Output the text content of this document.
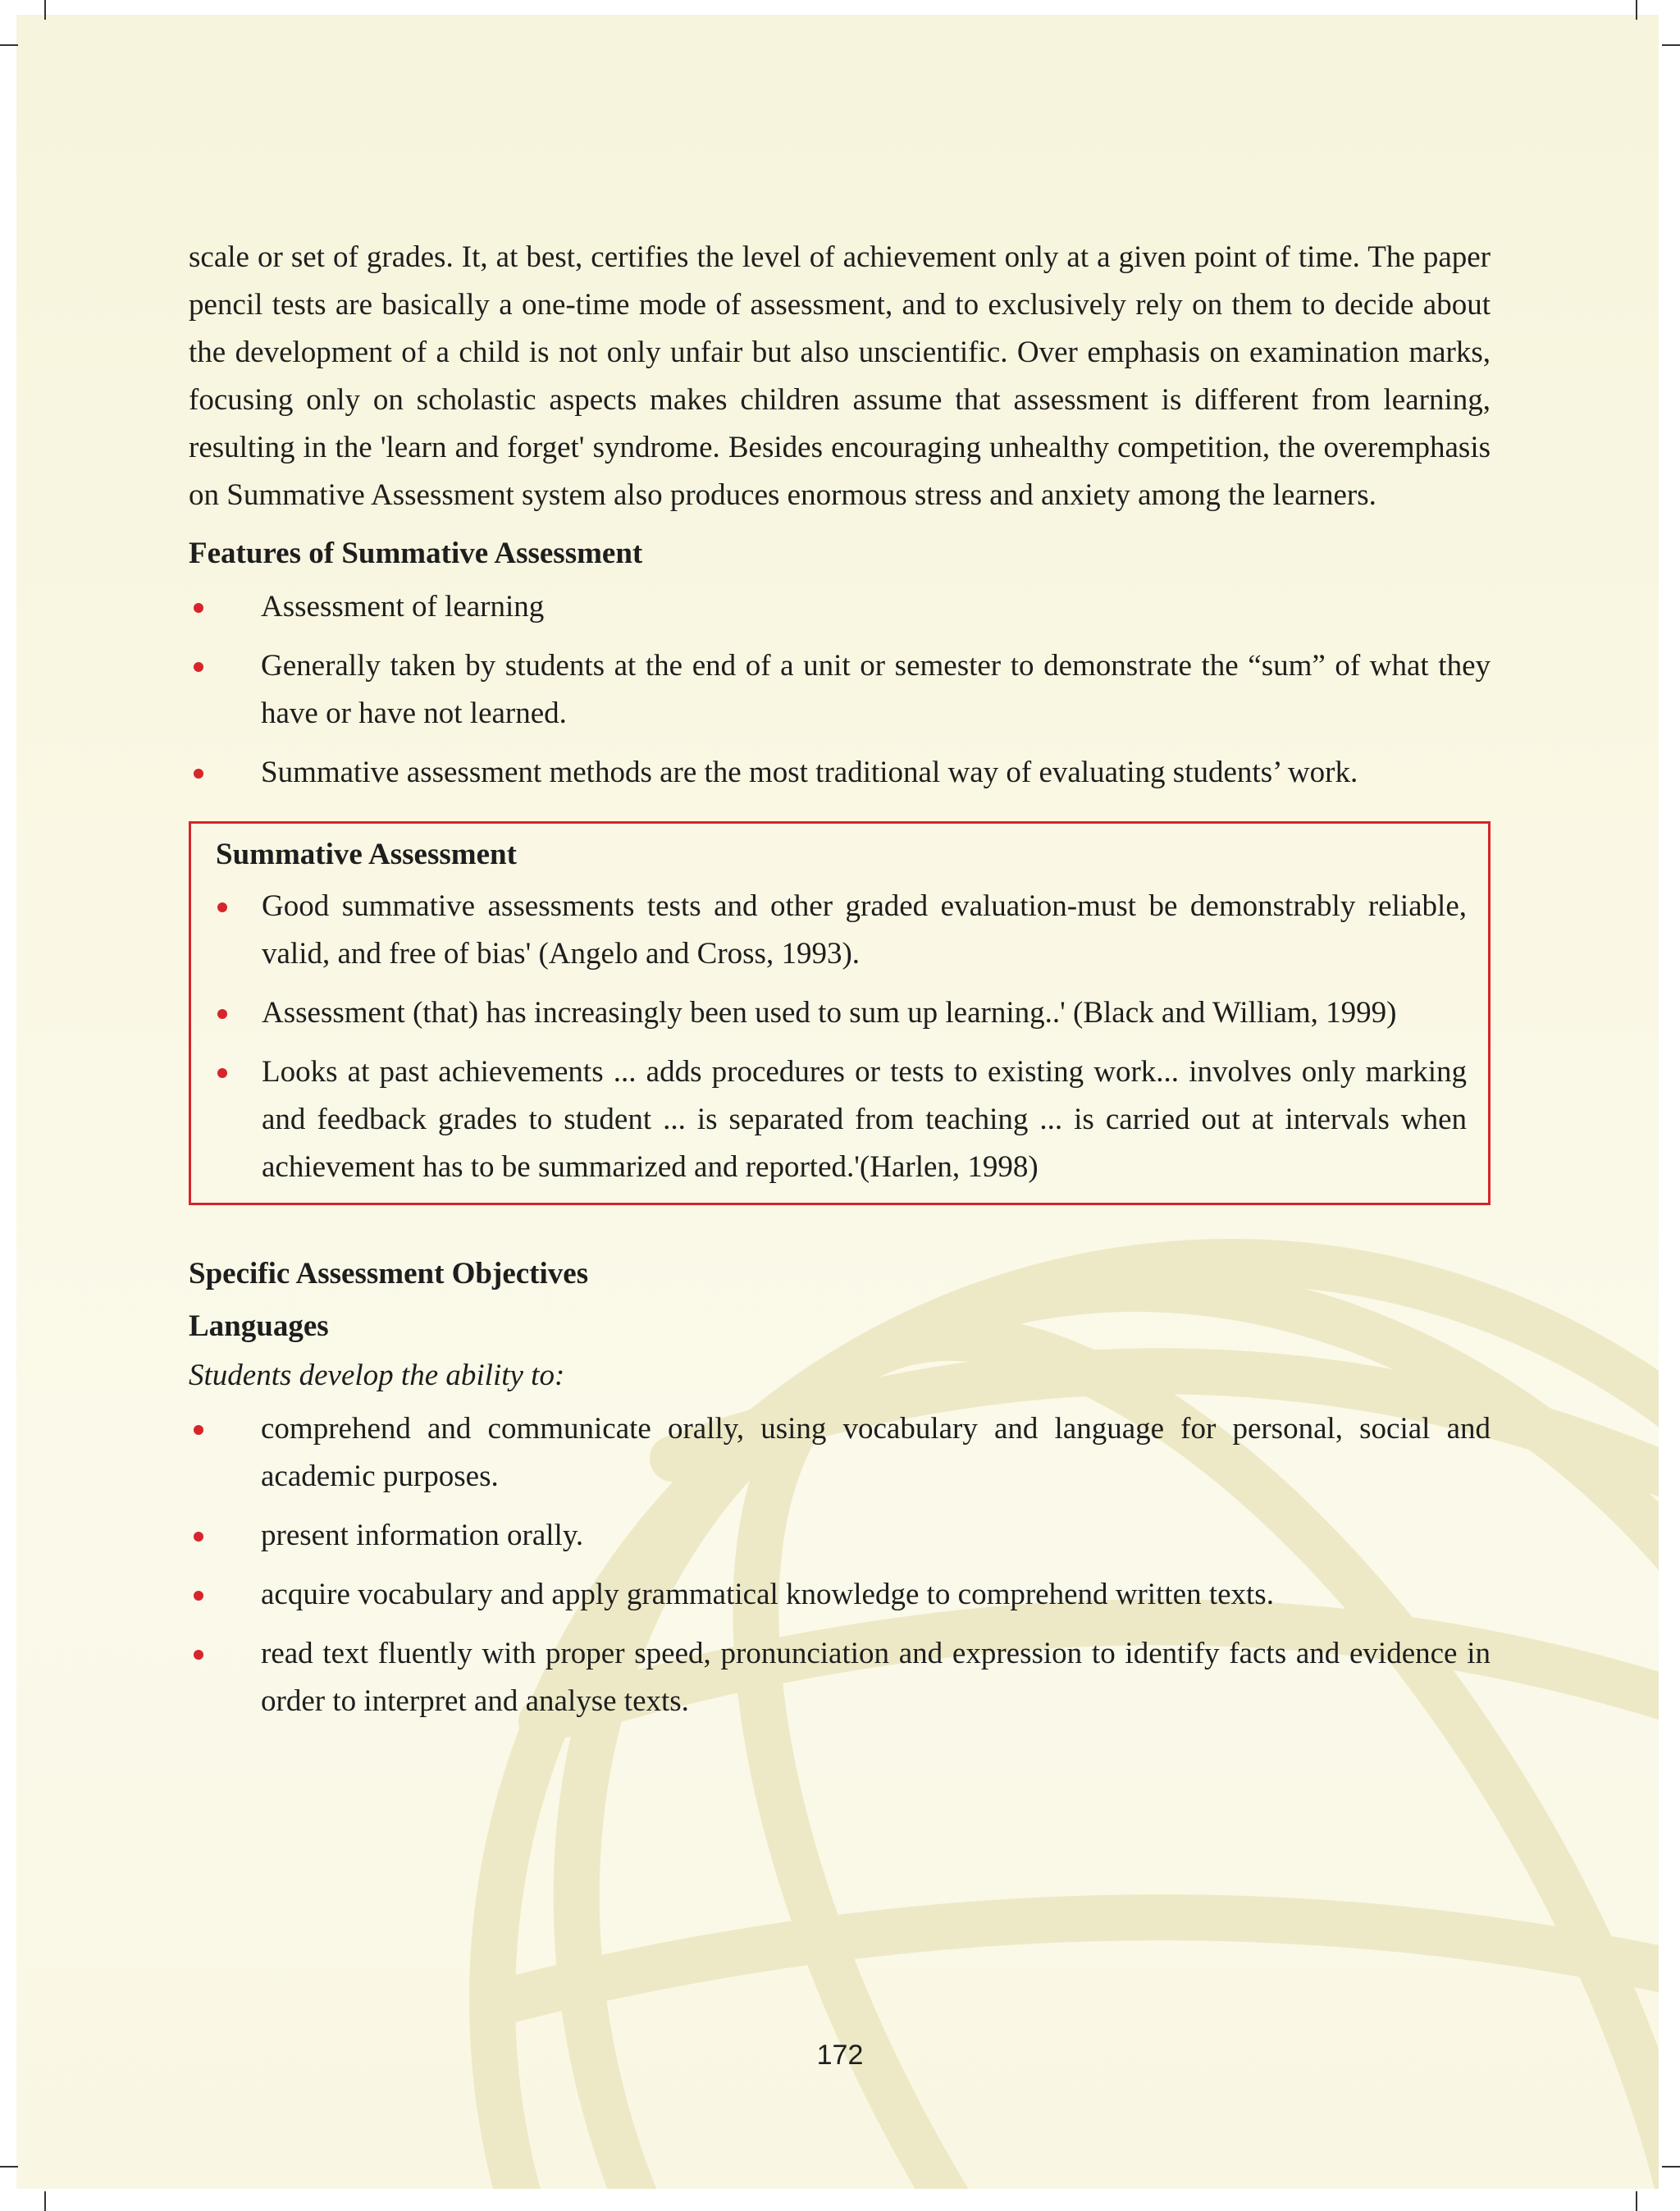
scale or set of grades. It, at best, certifies the level of achievement only at a given point of time. The paper pencil tests are basically a one-time mode of assessment, and to exclusively rely on them to decide about the development of a child is not only unfair but also unscientific. Over emphasis on examination marks, focusing only on scholastic aspects makes children assume that assessment is different from learning, resulting in the 'learn and forget' syndrome. Besides encouraging unhealthy competition, the overemphasis on Summative Assessment system also produces enormous stress and anxiety among the learners.

Features of Summative Assessment
Assessment of learning
Generally taken by students at the end of a unit or semester to demonstrate the “sum” of what they have or have not learned.
Summative assessment methods are the most traditional way of evaluating students’ work.
Summative Assessment
Good summative assessments tests and other graded evaluation-must be demonstrably reliable, valid, and free of bias' (Angelo and Cross, 1993).
Assessment (that) has increasingly been used to sum up learning..' (Black and William, 1999)
Looks at past achievements ... adds procedures or tests to existing work... involves only marking and feedback grades to student ... is separated from teaching ... is carried out at intervals when achievement has to be summarized and reported.'(Harlen, 1998)
Specific Assessment Objectives
Languages
Students develop the ability to:
comprehend and communicate orally, using vocabulary and language for personal, social and academic purposes.
present information orally.
acquire vocabulary and apply grammatical knowledge to comprehend written texts.
read text fluently with proper speed, pronunciation and expression to identify facts and evidence in order to interpret and analyse texts.
172
